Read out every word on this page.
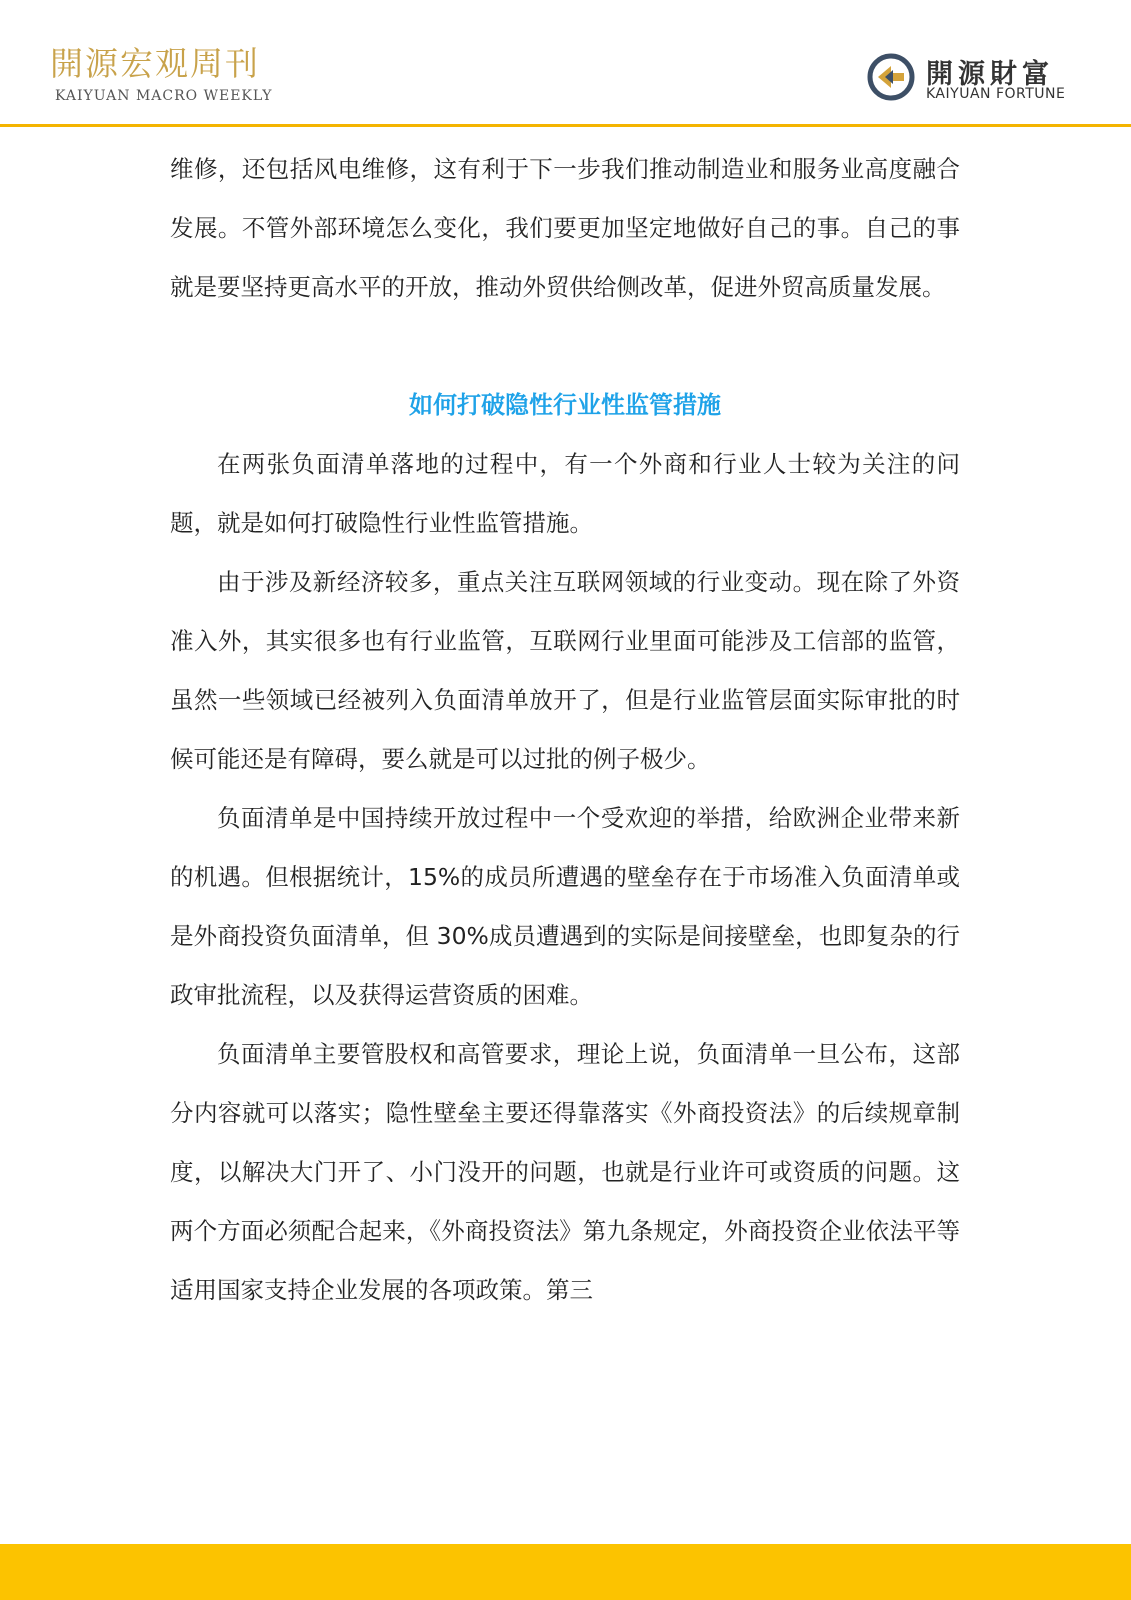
開源宏观周刊
KAIYUAN MACRO WEEKLY
開源財富
KAIYUAN FORTUNE

维修，还包括风电维修，这有利于下一步我们推动制造业和服务业高度融合发展。不管外部环境怎么变化，我们要更加坚定地做好自己的事。自己的事就是要坚持更高水平的开放，推动外贸供给侧改革，促进外贸高质量发展。

如何打破隐性行业性监管措施

在两张负面清单落地的过程中，有一个外商和行业人士较为关注的问题，就是如何打破隐性行业性监管措施。

由于涉及新经济较多，重点关注互联网领域的行业变动。现在除了外资准入外，其实很多也有行业监管，互联网行业里面可能涉及工信部的监管，虽然一些领域已经被列入负面清单放开了，但是行业监管层面实际审批的时候可能还是有障碍，要么就是可以过批的例子极少。

负面清单是中国持续开放过程中一个受欢迎的举措，给欧洲企业带来新的机遇。但根据统计，15%的成员所遭遇的壁垒存在于市场准入负面清单或是外商投资负面清单，但 30%成员遭遇到的实际是间接壁垒，也即复杂的行政审批流程，以及获得运营资质的困难。

负面清单主要管股权和高管要求，理论上说，负面清单一旦公布，这部分内容就可以落实；隐性壁垒主要还得靠落实《外商投资法》的后续规章制度，以解决大门开了、小门没开的问题，也就是行业许可或资质的问题。这两个方面必须配合起来，《外商投资法》第九条规定，外商投资企业依法平等适用国家支持企业发展的各项政策。第三
